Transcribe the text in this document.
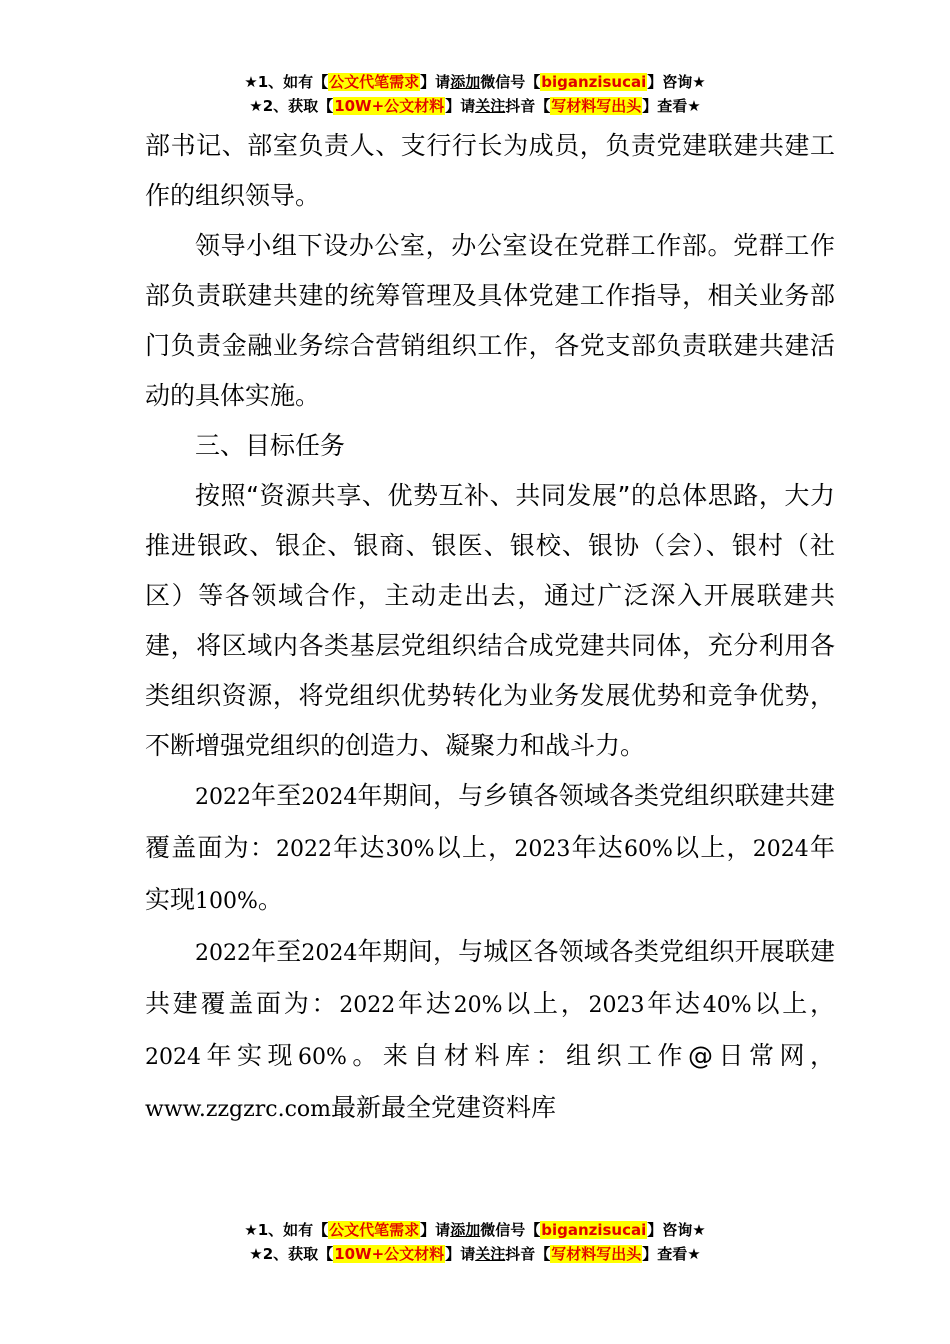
★1、如有【公文代笔需求】请添加微信号【biganzisucai】咨询★
★2、获取【10W+公文材料】请关注抖音【写材料写出头】查看★

部书记、部室负责人、支行行长为成员，负责党建联建共建工作的组织领导。

领导小组下设办公室，办公室设在党群工作部。党群工作部负责联建共建的统筹管理及具体党建工作指导，相关业务部门负责金融业务综合营销组织工作，各党支部负责联建共建活动的具体实施。

三、目标任务

按照“资源共享、优势互补、共同发展”的总体思路，大力推进银政、银企、银商、银医、银校、银协（会）、银村（社区）等各领域合作，主动走出去，通过广泛深入开展联建共建，将区域内各类基层党组织结合成党建共同体，充分利用各类组织资源，将党组织优势转化为业务发展优势和竞争优势，不断增强党组织的创造力、凝聚力和战斗力。

2022年至2024年期间，与乡镇各领域各类党组织联建共建覆盖面为：2022年达30%以上，2023年达60%以上，2024年实现100%。

2022年至2024年期间，与城区各领域各类党组织开展联建共建覆盖面为：2022年达20%以上，2023年达40%以上，2024年实现60%。来自材料库：组织工作@日常网，www.zzgzrc.com最新最全党建资料库

★1、如有【公文代笔需求】请添加微信号【biganzisucai】咨询★
★2、获取【10W+公文材料】请关注抖音【写材料写出头】查看★
